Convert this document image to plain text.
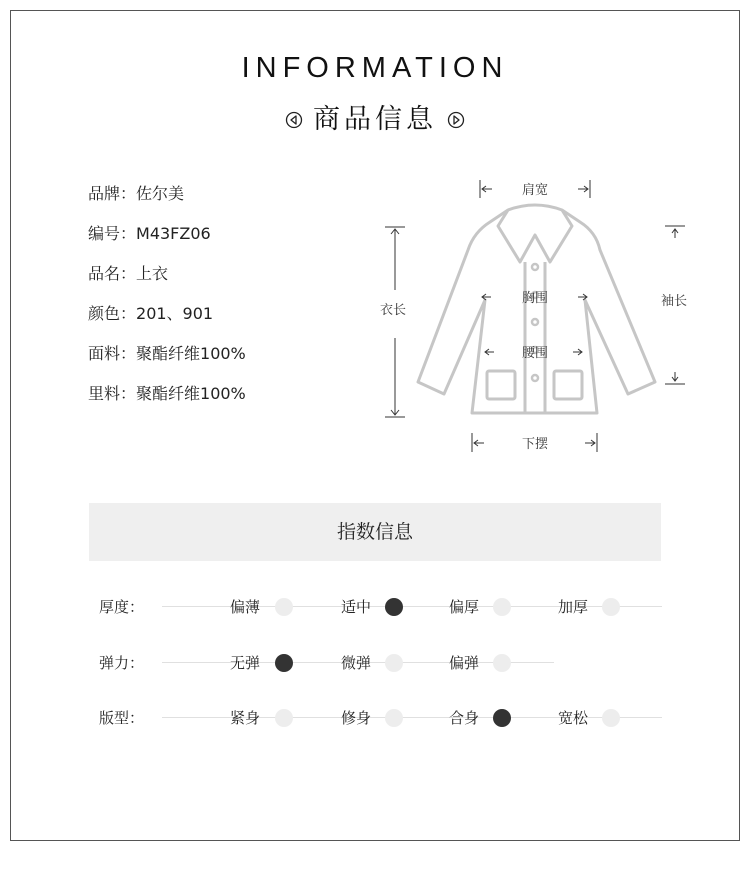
INFORMATION
商品信息
品牌：佐尔美
编号：M43FZ06
品名：上衣
颜色：201、901
面料：聚酯纤维100%
里料：聚酯纤维100%
肩宽
衣长
袖长
胸围
腰围
下摆
指数信息
厚度：	偏薄	适中	偏厚	加厚
弹力：	无弹	微弹	偏弹
版型：	紧身	修身	合身	宽松
